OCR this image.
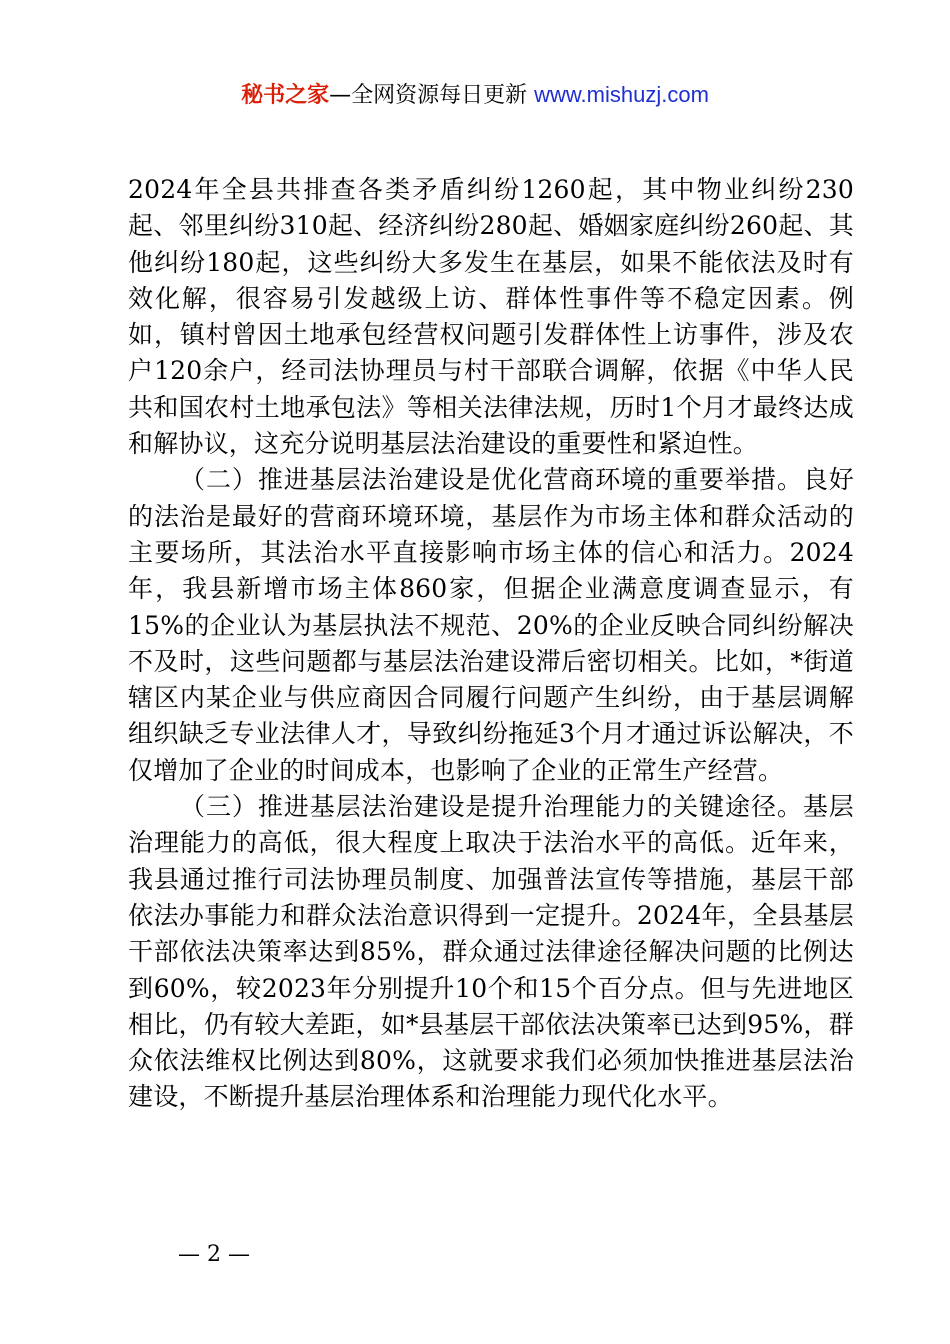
秘书之家—全网资源每日更新 www.mishuzj.com

2024年全县共排查各类矛盾纠纷1260起，其中物业纠纷230起、邻里纠纷310起、经济纠纷280起、婚姻家庭纠纷260起、其他纠纷180起，这些纠纷大多发生在基层，如果不能依法及时有效化解，很容易引发越级上访、群体性事件等不稳定因素。例如，镇村曾因土地承包经营权问题引发群体性上访事件，涉及农户120余户，经司法协理员与村干部联合调解，依据《中华人民共和国农村土地承包法》等相关法律法规，历时1个月才最终达成和解协议，这充分说明基层法治建设的重要性和紧迫性。

（二）推进基层法治建设是优化营商环境的重要举措。良好的法治是最好的营商环境环境，基层作为市场主体和群众活动的主要场所，其法治水平直接影响市场主体的信心和活力。2024年，我县新增市场主体860家，但据企业满意度调查显示，有15%的企业认为基层执法不规范、20%的企业反映合同纠纷解决不及时，这些问题都与基层法治建设滞后密切相关。比如，*街道辖区内某企业与供应商因合同履行问题产生纠纷，由于基层调解组织缺乏专业法律人才，导致纠纷拖延3个月才通过诉讼解决，不仅增加了企业的时间成本，也影响了企业的正常生产经营。

（三）推进基层法治建设是提升治理能力的关键途径。基层治理能力的高低，很大程度上取决于法治水平的高低。近年来，我县通过推行司法协理员制度、加强普法宣传等措施，基层干部依法办事能力和群众法治意识得到一定提升。2024年，全县基层干部依法决策率达到85%，群众通过法律途径解决问题的比例达到60%，较2023年分别提升10个和15个百分点。但与先进地区相比，仍有较大差距，如*县基层干部依法决策率已达到95%，群众依法维权比例达到80%，这就要求我们必须加快推进基层法治建设，不断提升基层治理体系和治理能力现代化水平。

— 2 —
